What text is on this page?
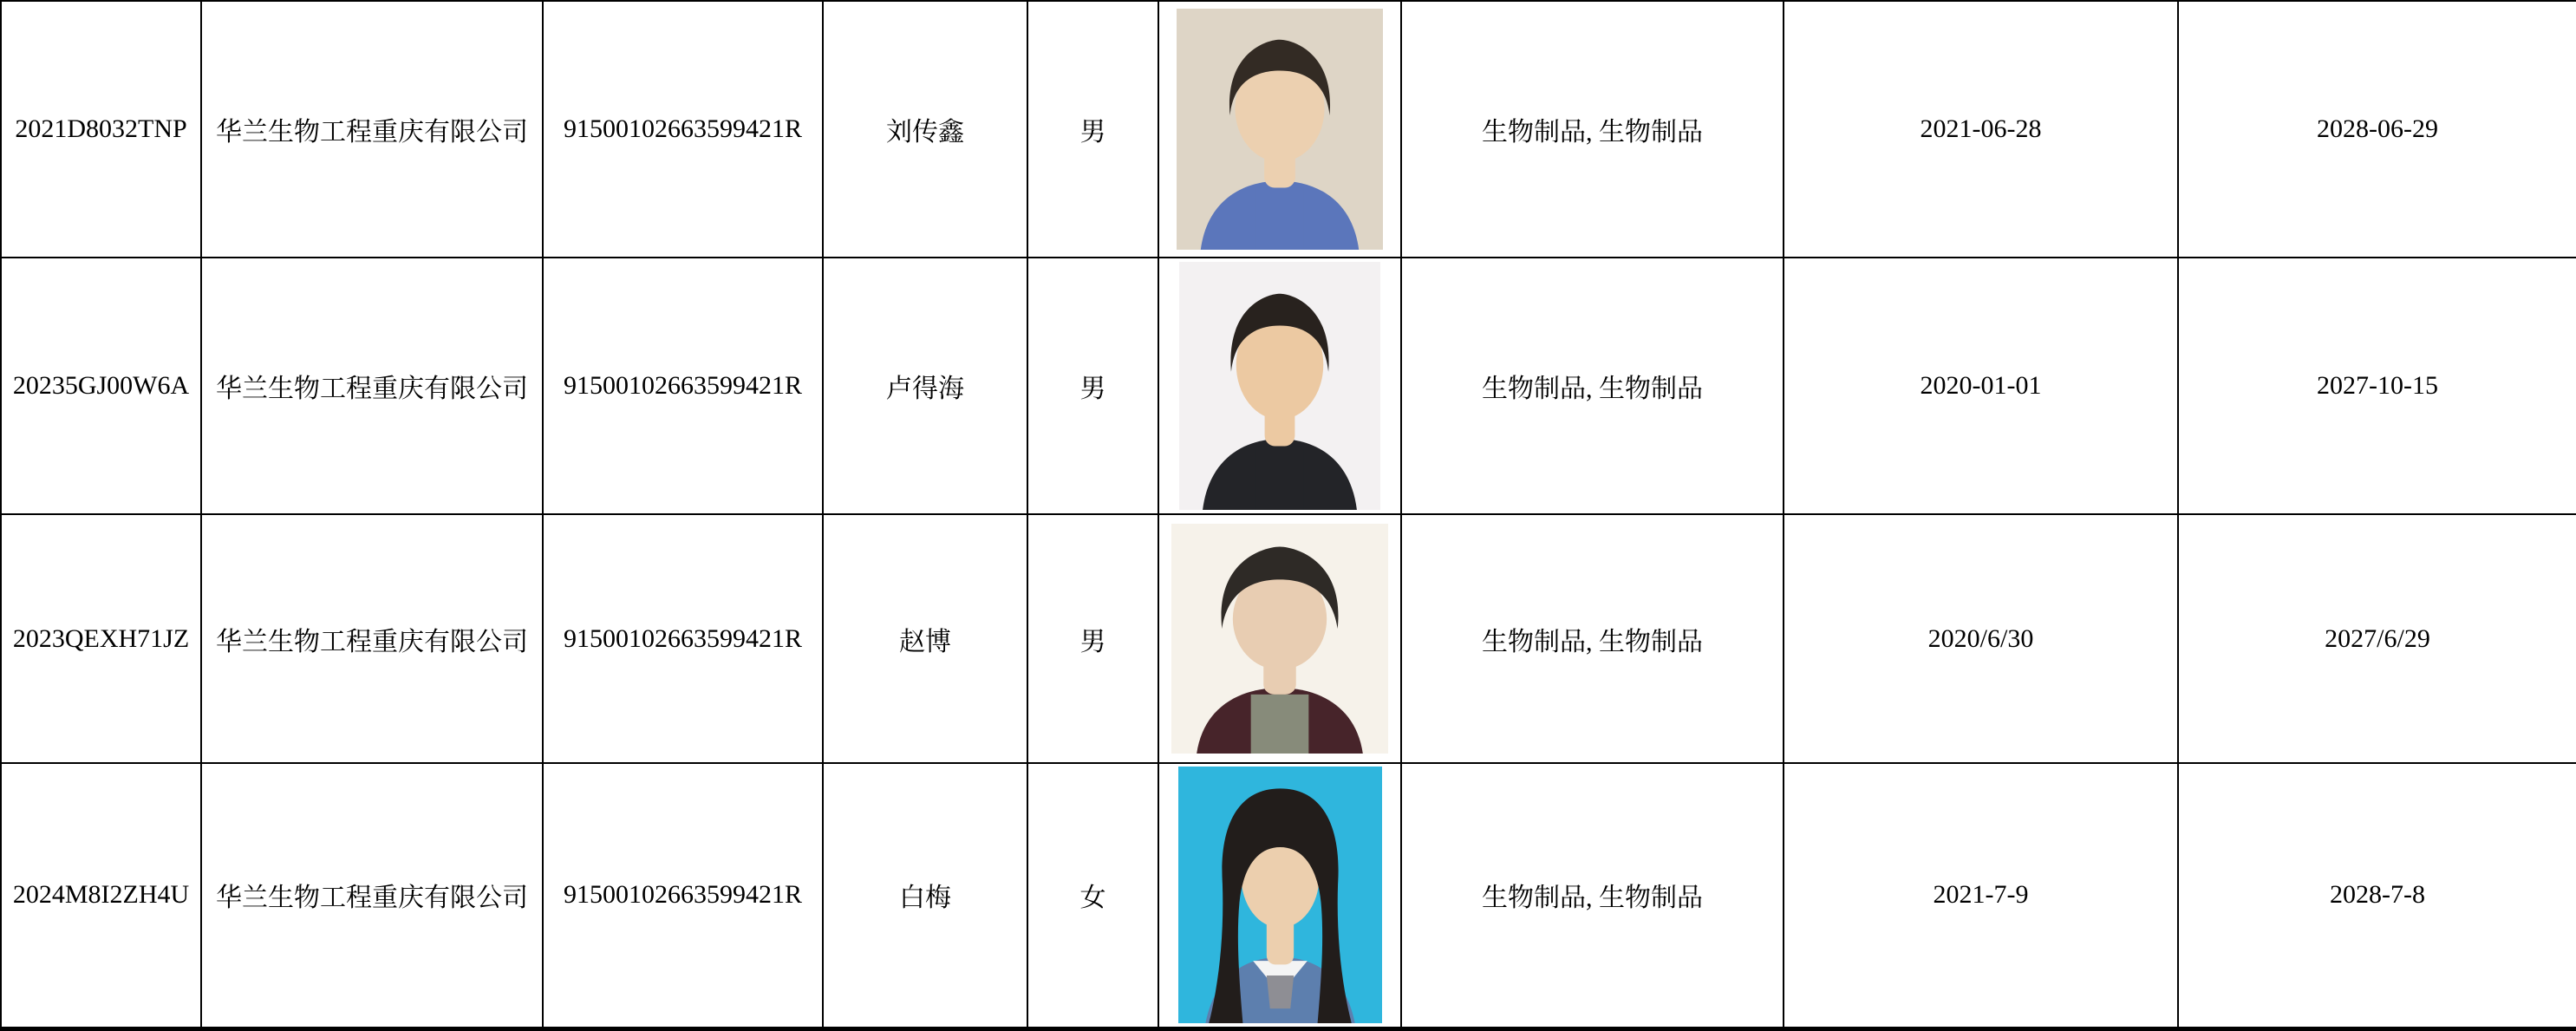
2021D8032TNP	华兰生物工程重庆有限公司	91500102663599421R	刘传鑫	男		生物制品, 生物制品	2021-06-28	2028-06-29
20235GJ00W6A	华兰生物工程重庆有限公司	91500102663599421R	卢得海	男		生物制品, 生物制品	2020-01-01	2027-10-15
2023QEXH71JZ	华兰生物工程重庆有限公司	91500102663599421R	赵博	男		生物制品, 生物制品	2020/6/30	2027/6/29
2024M8I2ZH4U	华兰生物工程重庆有限公司	91500102663599421R	白梅	女		生物制品, 生物制品	2021-7-9	2028-7-8
